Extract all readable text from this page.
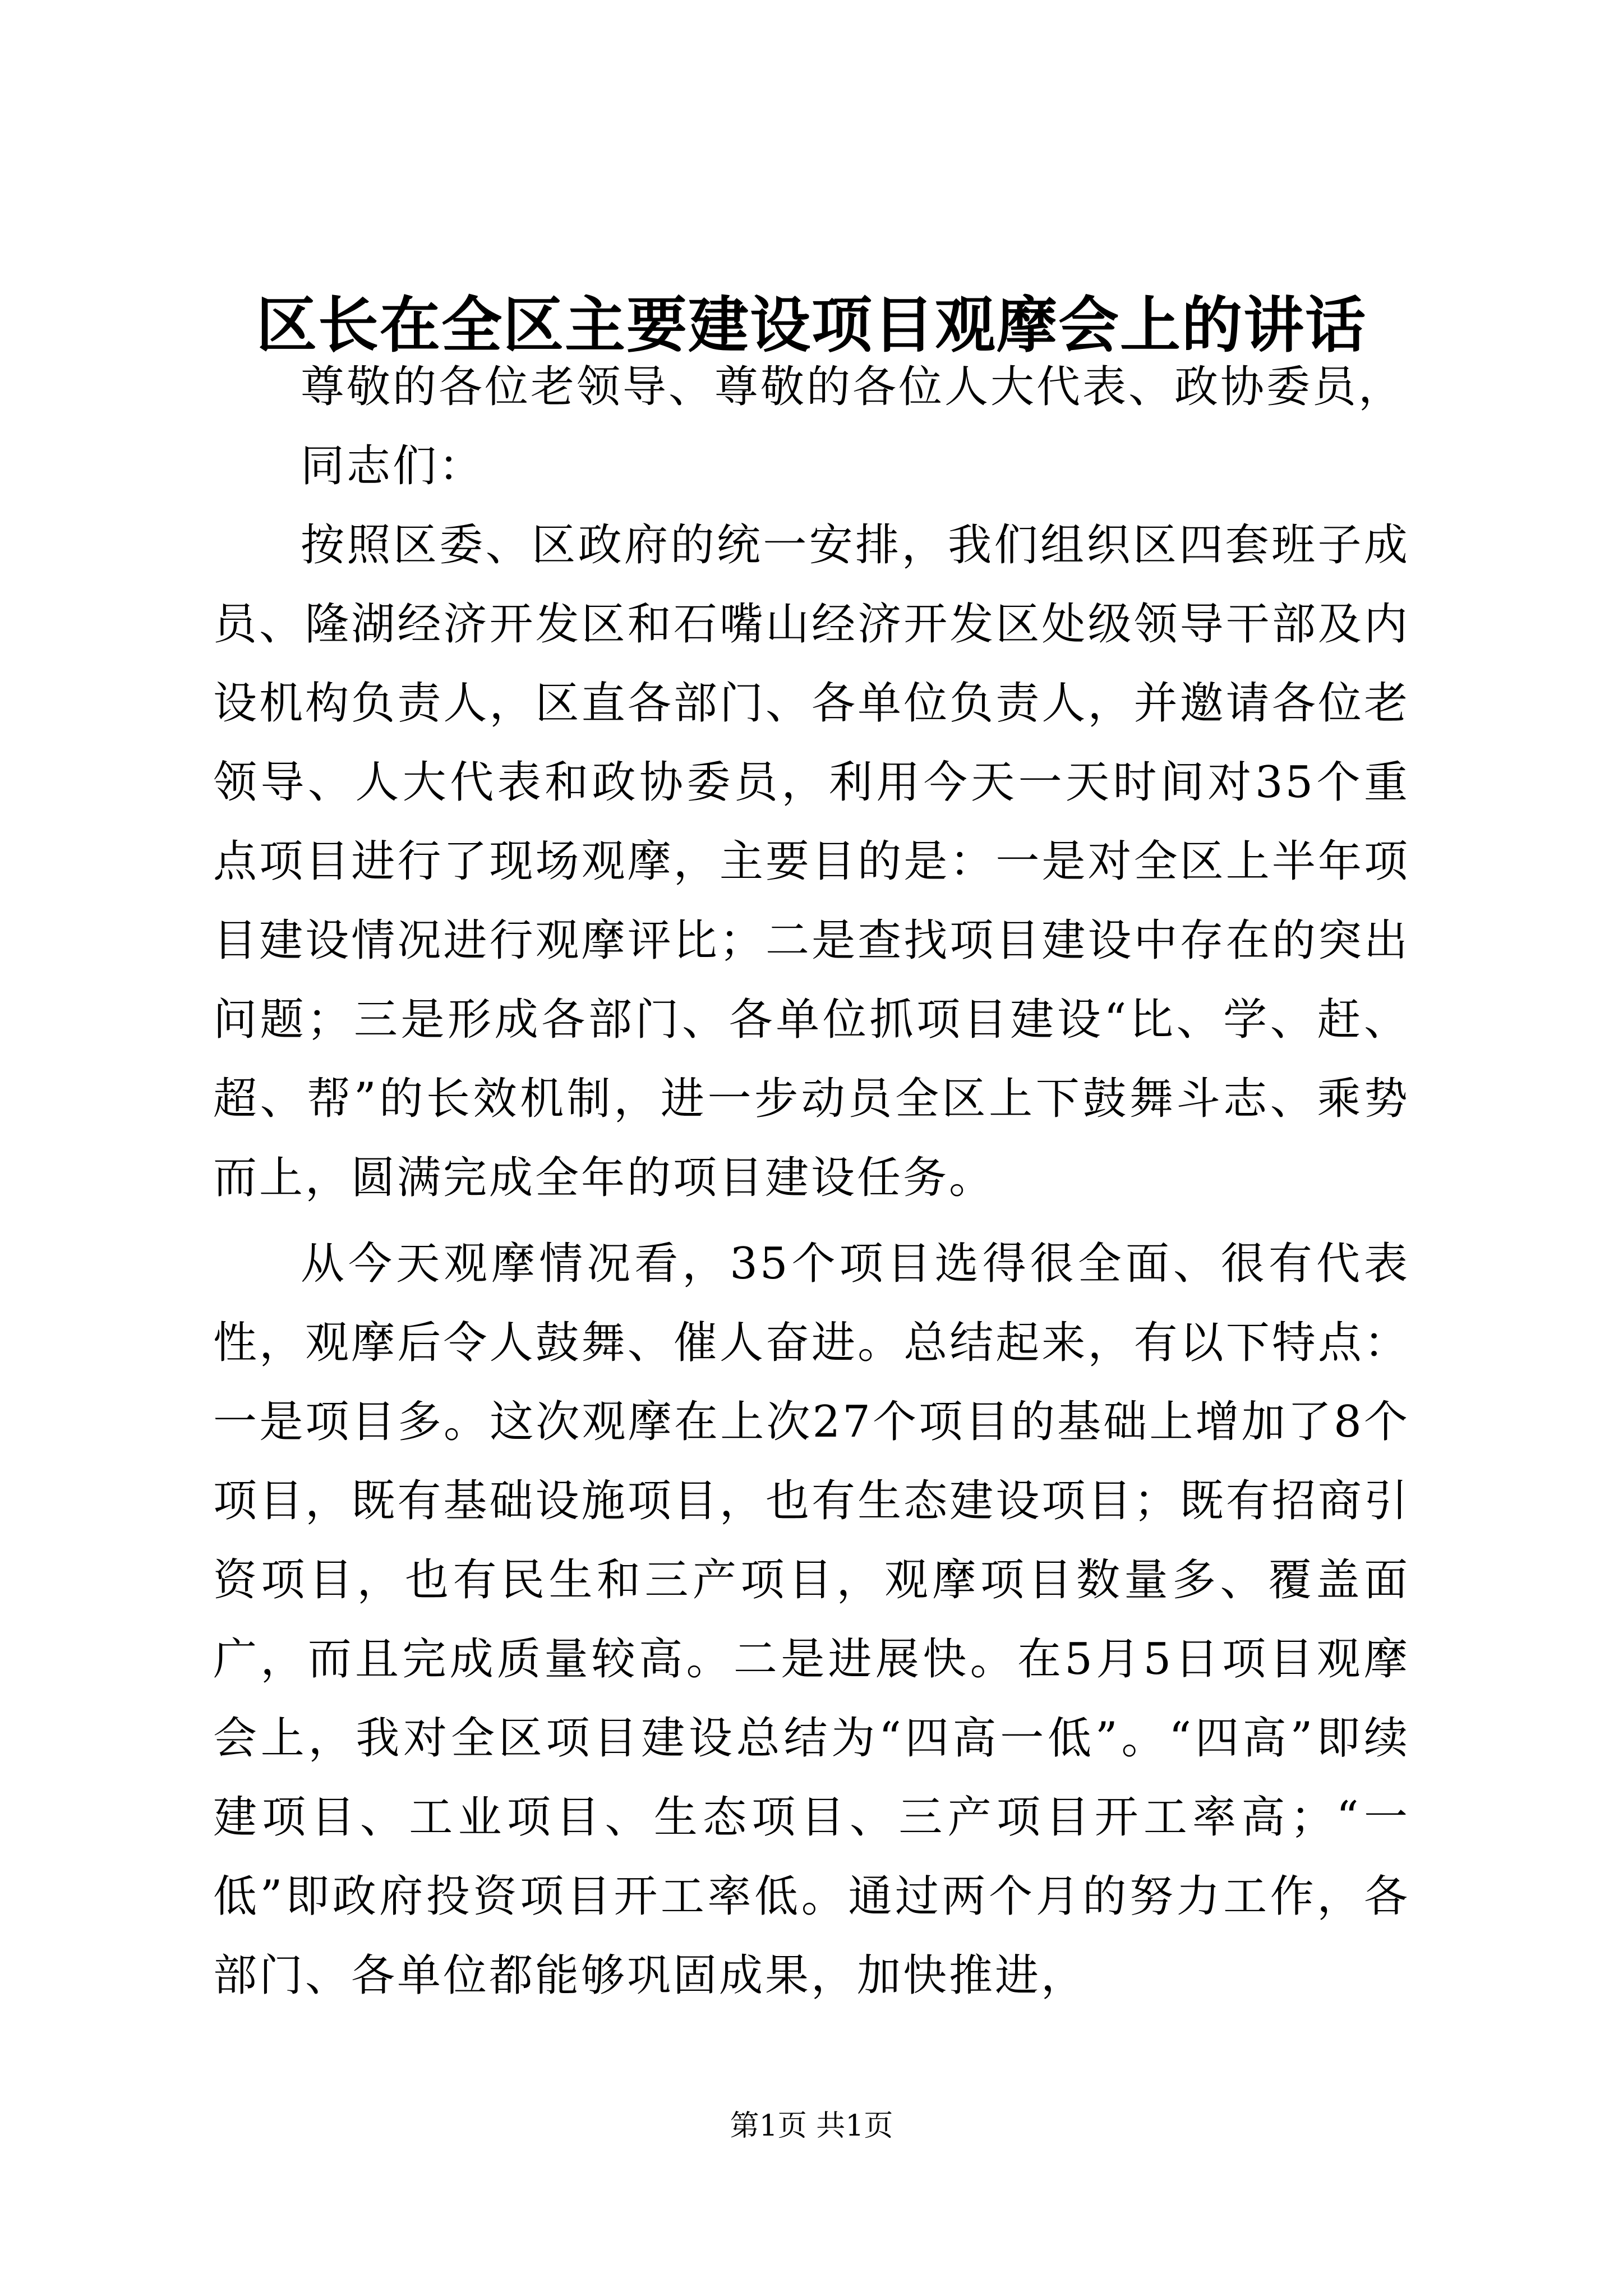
区长在全区主要建设项目观摩会上的讲话

尊敬的各位老领导、尊敬的各位人大代表、政协委员，

同志们：

按照区委、区政府的统一安排，我们组织区四套班子成员、隆湖经济开发区和石嘴山经济开发区处级领导干部及内设机构负责人，区直各部门、各单位负责人，并邀请各位老领导、人大代表和政协委员，利用今天一天时间对35个重点项目进行了现场观摩，主要目的是：一是对全区上半年项目建设情况进行观摩评比；二是查找项目建设中存在的突出问题；三是形成各部门、各单位抓项目建设“比、学、赶、超、帮”的长效机制，进一步动员全区上下鼓舞斗志、乘势而上，圆满完成全年的项目建设任务。

从今天观摩情况看，35个项目选得很全面、很有代表性，观摩后令人鼓舞、催人奋进。总结起来，有以下特点：一是项目多。这次观摩在上次27个项目的基础上增加了8个项目，既有基础设施项目，也有生态建设项目；既有招商引资项目，也有民生和三产项目，观摩项目数量多、覆盖面广，而且完成质量较高。二是进展快。在5月5日项目观摩会上，我对全区项目建设总结为“四高一低”。“四高”即续建项目、工业项目、生态项目、三产项目开工率高；“一低”即政府投资项目开工率低。通过两个月的努力工作，各部门、各单位都能够巩固成果，加快推进，

第1页 共1页
